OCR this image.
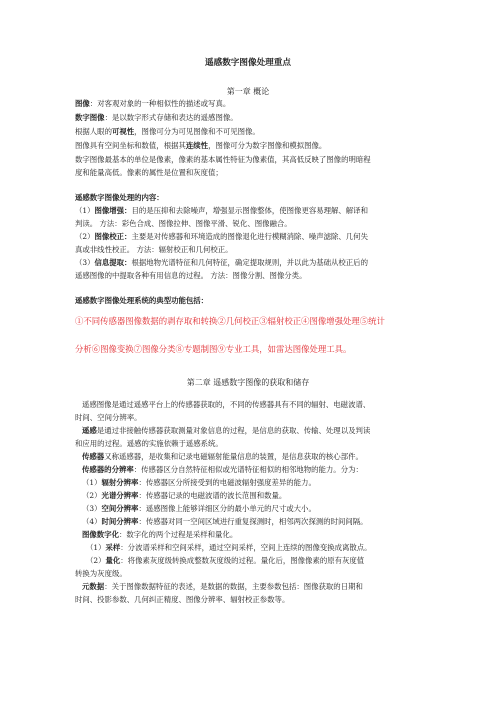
遥感数字图像处理重点
第一章 概论
图像：对客观对象的一种相似性的描述或写真。
数字图像：是以数字形式存储和表达的遥感图像。
根据人眼的可视性，图像可分为可见图像和不可见图像。
图像具有空间坐标和数值，根据其连续性，图像可分为数字图像和模拟图像。
数字图像最基本的单位是像素，像素的基本属性特征为像素值，其高低反映了图像的明暗程
度和能量高低。像素的属性是位置和灰度值；
遥感数字图像处理的内容：
（1）图像增强：目的是压抑和去除噪声，增强显示图像整体，使图像更容易理解、解译和
判读。 方法：彩色合成、图像拉伸、图像平滑、锐化、图像融合。
（2）图像校正：主要是对传感器和环境造成的图像退化进行模糊消除、噪声滤除、几何失
真或非线性校正。 方法：辐射校正和几何校正。
（3）信息提取：根据地物光谱特征和几何特征，确定提取规则，并以此为基础从校正后的
遥感图像的中提取各种有用信息的过程。 方法：图像分割、图像分类。
遥感数字图像处理系统的典型功能包括：
①不同传感器图像数据的剥存取和转换②几何校正③辐射校正④图像增强处理⑤统计
分析⑥图像变换⑦图像分类⑧专题制图⑨专业工具，如雷达图像处理工具。
第二章 遥感数字图像的获取和储存
遥感图像是通过遥感平台上的传感器获取的，不同的传感器具有不同的辐射、电磁波谱、
时间、空间分辨率。
遥感是通过非接触传感器获取测量对象信息的过程，是信息的获取、传输、处理以及判读
和应用的过程。遥感的实施依赖于遥感系统。
传感器又称遥感器，是收集和记录电磁辐射能量信息的装置，是信息获取的核心部件。
传感器的分辨率：传感器区分自然特征相似或光谱特征相似的相邻地物的能力。分为：
（1）辐射分辨率：传感器区分所接受到的电磁波辐射强度差异的能力。
（2）光谱分辨率：传感器记录的电磁波谱的波长范围和数量。
（3）空间分辨率：遥感图像上能够详细区分的最小单元的尺寸或大小。
（4）时间分辨率：传感器对同一空间区域进行重复探测时，相邻两次探测的时间间隔。
图像数字化：数字化的两个过程是采样和量化。
（1）采样：分波谱采样和空间采样，通过空间采样，空间上连续的图像变换成离散点。
（2）量化：将像素灰度级转换成整数灰度级的过程。量化后，图像像素的原有灰度值
转换为灰度级。
元数据：关于图像数据特征的表述，是数据的数据，主要参数包括：图像获取的日期和
时间、投影参数、几何纠正精度、图像分辨率、辐射校正参数等。
